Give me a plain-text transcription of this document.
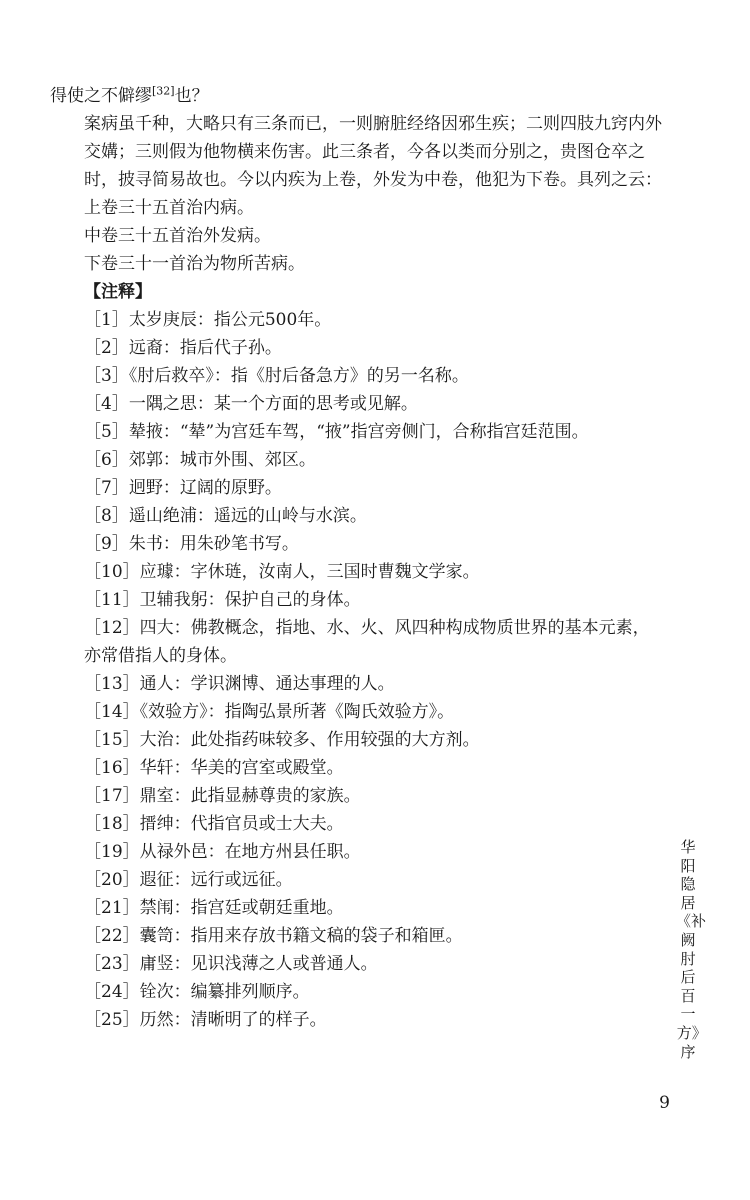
得使之不僻缪[32]也？
案病虽千种，大略只有三条而已，一则腑脏经络因邪生疾；二则四肢九窍内外交媾；三则假为他物横来伤害。此三条者，今各以类而分别之，贵图仓卒之时，披寻简易故也。今以内疾为上卷，外发为中卷，他犯为下卷。具列之云：
上卷三十五首治内病。
中卷三十五首治外发病。
下卷三十一首治为物所苦病。
【注释】
［1］太岁庚辰：指公元500年。
［2］远裔：指后代子孙。
［3］《肘后救卒》：指《肘后备急方》的另一名称。
［4］一隅之思：某一个方面的思考或见解。
［5］辇掖：“辇”为宫廷车驾，“掖”指宫旁侧门，合称指宫廷范围。
［6］郊郭：城市外围、郊区。
［7］迥野：辽阔的原野。
［8］遥山绝浦：遥远的山岭与水滨。
［9］朱书：用朱砂笔书写。
［10］应璩：字休琏，汝南人，三国时曹魏文学家。
［11］卫辅我躬：保护自己的身体。
［12］四大：佛教概念，指地、水、火、风四种构成物质世界的基本元素，亦常借指人的身体。
［13］通人：学识渊博、通达事理的人。
［14］《效验方》：指陶弘景所著《陶氏效验方》。
［15］大治：此处指药味较多、作用较强的大方剂。
［16］华轩：华美的宫室或殿堂。
［17］鼎室：此指显赫尊贵的家族。
［18］搢绅：代指官员或士大夫。
［19］从禄外邑：在地方州县任职。
［20］遐征：远行或远征。
［21］禁闱：指宫廷或朝廷重地。
［22］囊笥：指用来存放书籍文稿的袋子和箱匣。
［23］庸竖：见识浅薄之人或普通人。
［24］铨次：编纂排列顺序。
［25］历然：清晰明了的样子。
华阳隐居《补阙肘后百一方》序
9
